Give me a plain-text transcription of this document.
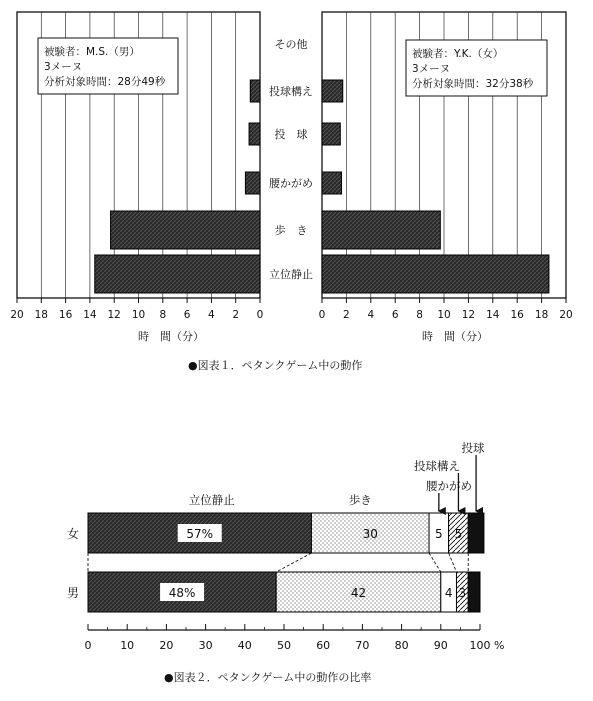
20 18 16 14 12 10 8 6 4 2 0
被験者：M.S.（男）
3メーヌ
分析対象時間：28分49秒
時　間（分）
その他
投球構え
投　球
腰かがめ
歩　き
立位静止
0 2 4 6 8 10 12 14 16 18 20
被験者：Y.K.（女）
3メーヌ
分析対象時間：32分38秒
時　間（分）
●図表１．ペタンクゲーム中の動作
57%	30	5 5 4
48%	42	4 3 3
立位静止	歩き
腰かがめ
投球構え
投球
女
男
0	10 20 30 40 50 60 70 80 90 100 %
●図表２．ペタンクゲーム中の動作の比率
